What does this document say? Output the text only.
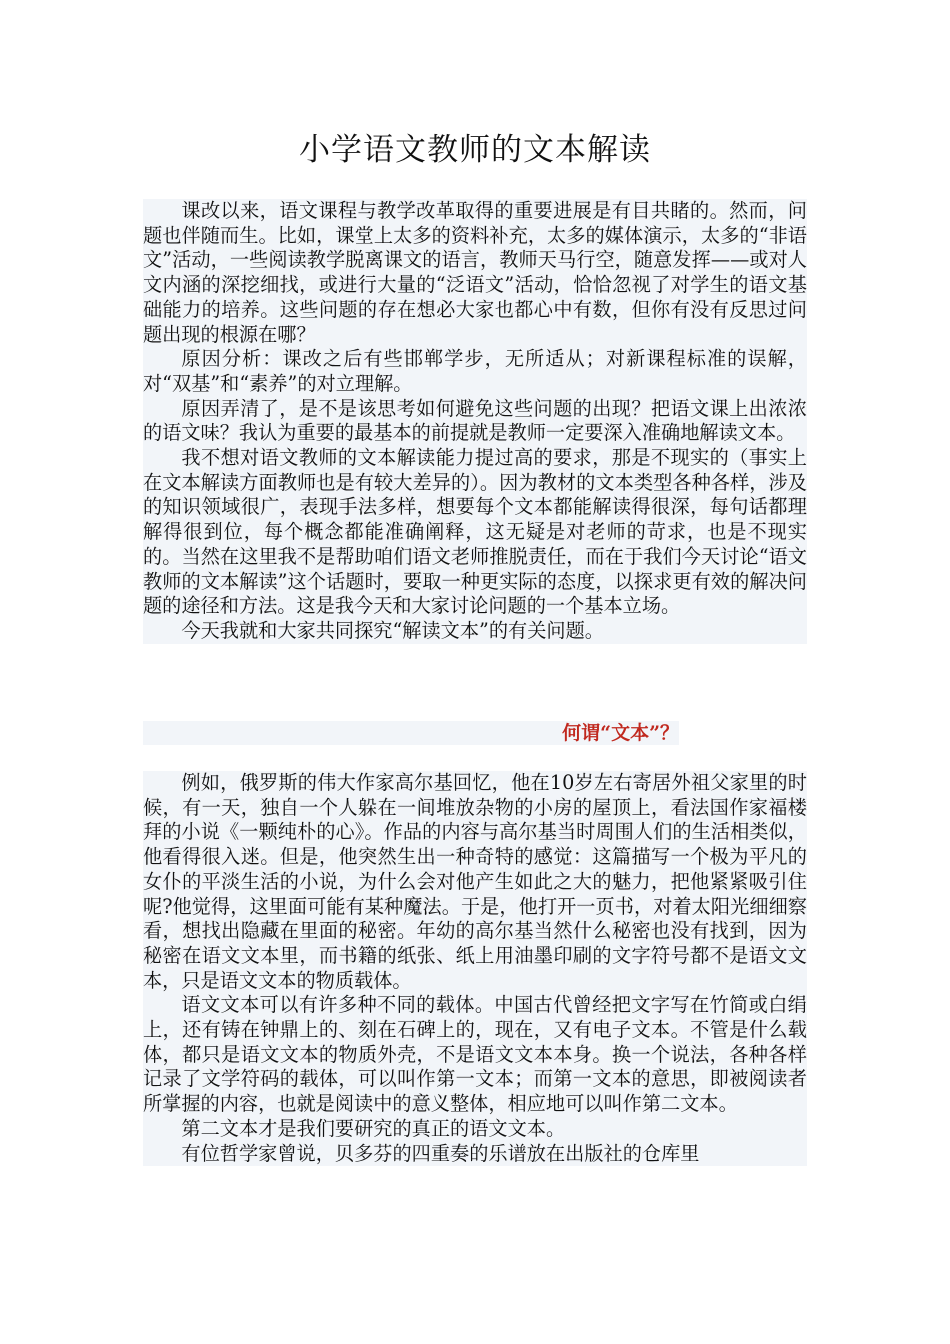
小学语文教师的文本解读

课改以来，语文课程与教学改革取得的重要进展是有目共睹的。然而，问题也伴随而生。比如，课堂上太多的资料补充，太多的媒体演示，太多的“非语文”活动，一些阅读教学脱离课文的语言，教师天马行空，随意发挥——或对人文内涵的深挖细找，或进行大量的“泛语文”活动，恰恰忽视了对学生的语文基础能力的培养。这些问题的存在想必大家也都心中有数，但你有没有反思过问题出现的根源在哪？

原因分析：课改之后有些邯郸学步，无所适从；对新课程标准的误解，对“双基”和“素养”的对立理解。

原因弄清了，是不是该思考如何避免这些问题的出现？把语文课上出浓浓的语文味？我认为重要的最基本的前提就是教师一定要深入准确地解读文本。

我不想对语文教师的文本解读能力提过高的要求，那是不现实的（事实上在文本解读方面教师也是有较大差异的）。因为教材的文本类型各种各样，涉及的知识领域很广，表现手法多样，想要每个文本都能解读得很深，每句话都理解得很到位，每个概念都能准确阐释，这无疑是对老师的苛求，也是不现实的。当然在这里我不是帮助咱们语文老师推脱责任，而在于我们今天讨论“语文教师的文本解读”这个话题时，要取一种更实际的态度，以探求更有效的解决问题的途径和方法。这是我今天和大家讨论问题的一个基本立场。

今天我就和大家共同探究“解读文本”的有关问题。

何谓“文本”？

例如，俄罗斯的伟大作家高尔基回忆，他在10岁左右寄居外祖父家里的时候，有一天，独自一个人躲在一间堆放杂物的小房的屋顶上，看法国作家福楼拜的小说《一颗纯朴的心》。作品的内容与高尔基当时周围人们的生活相类似，他看得很入迷。但是，他突然生出一种奇特的感觉：这篇描写一个极为平凡的女仆的平淡生活的小说，为什么会对他产生如此之大的魅力，把他紧紧吸引住呢?他觉得，这里面可能有某种魔法。于是，他打开一页书，对着太阳光细细察看，想找出隐藏在里面的秘密。年幼的高尔基当然什么秘密也没有找到，因为秘密在语文文本里，而书籍的纸张、纸上用油墨印刷的文字符号都不是语文文本，只是语文文本的物质载体。

语文文本可以有许多种不同的载体。中国古代曾经把文字写在竹简或白绢上，还有铸在钟鼎上的、刻在石碑上的，现在，又有电子文本。不管是什么载体，都只是语文文本的物质外壳，不是语文文本本身。换一个说法，各种各样记录了文学符码的载体，可以叫作第一文本；而第一文本的意思，即被阅读者所掌握的内容，也就是阅读中的意义整体，相应地可以叫作第二文本。

第二文本才是我们要研究的真正的语文文本。

有位哲学家曾说，贝多芬的四重奏的乐谱放在出版社的仓库里
